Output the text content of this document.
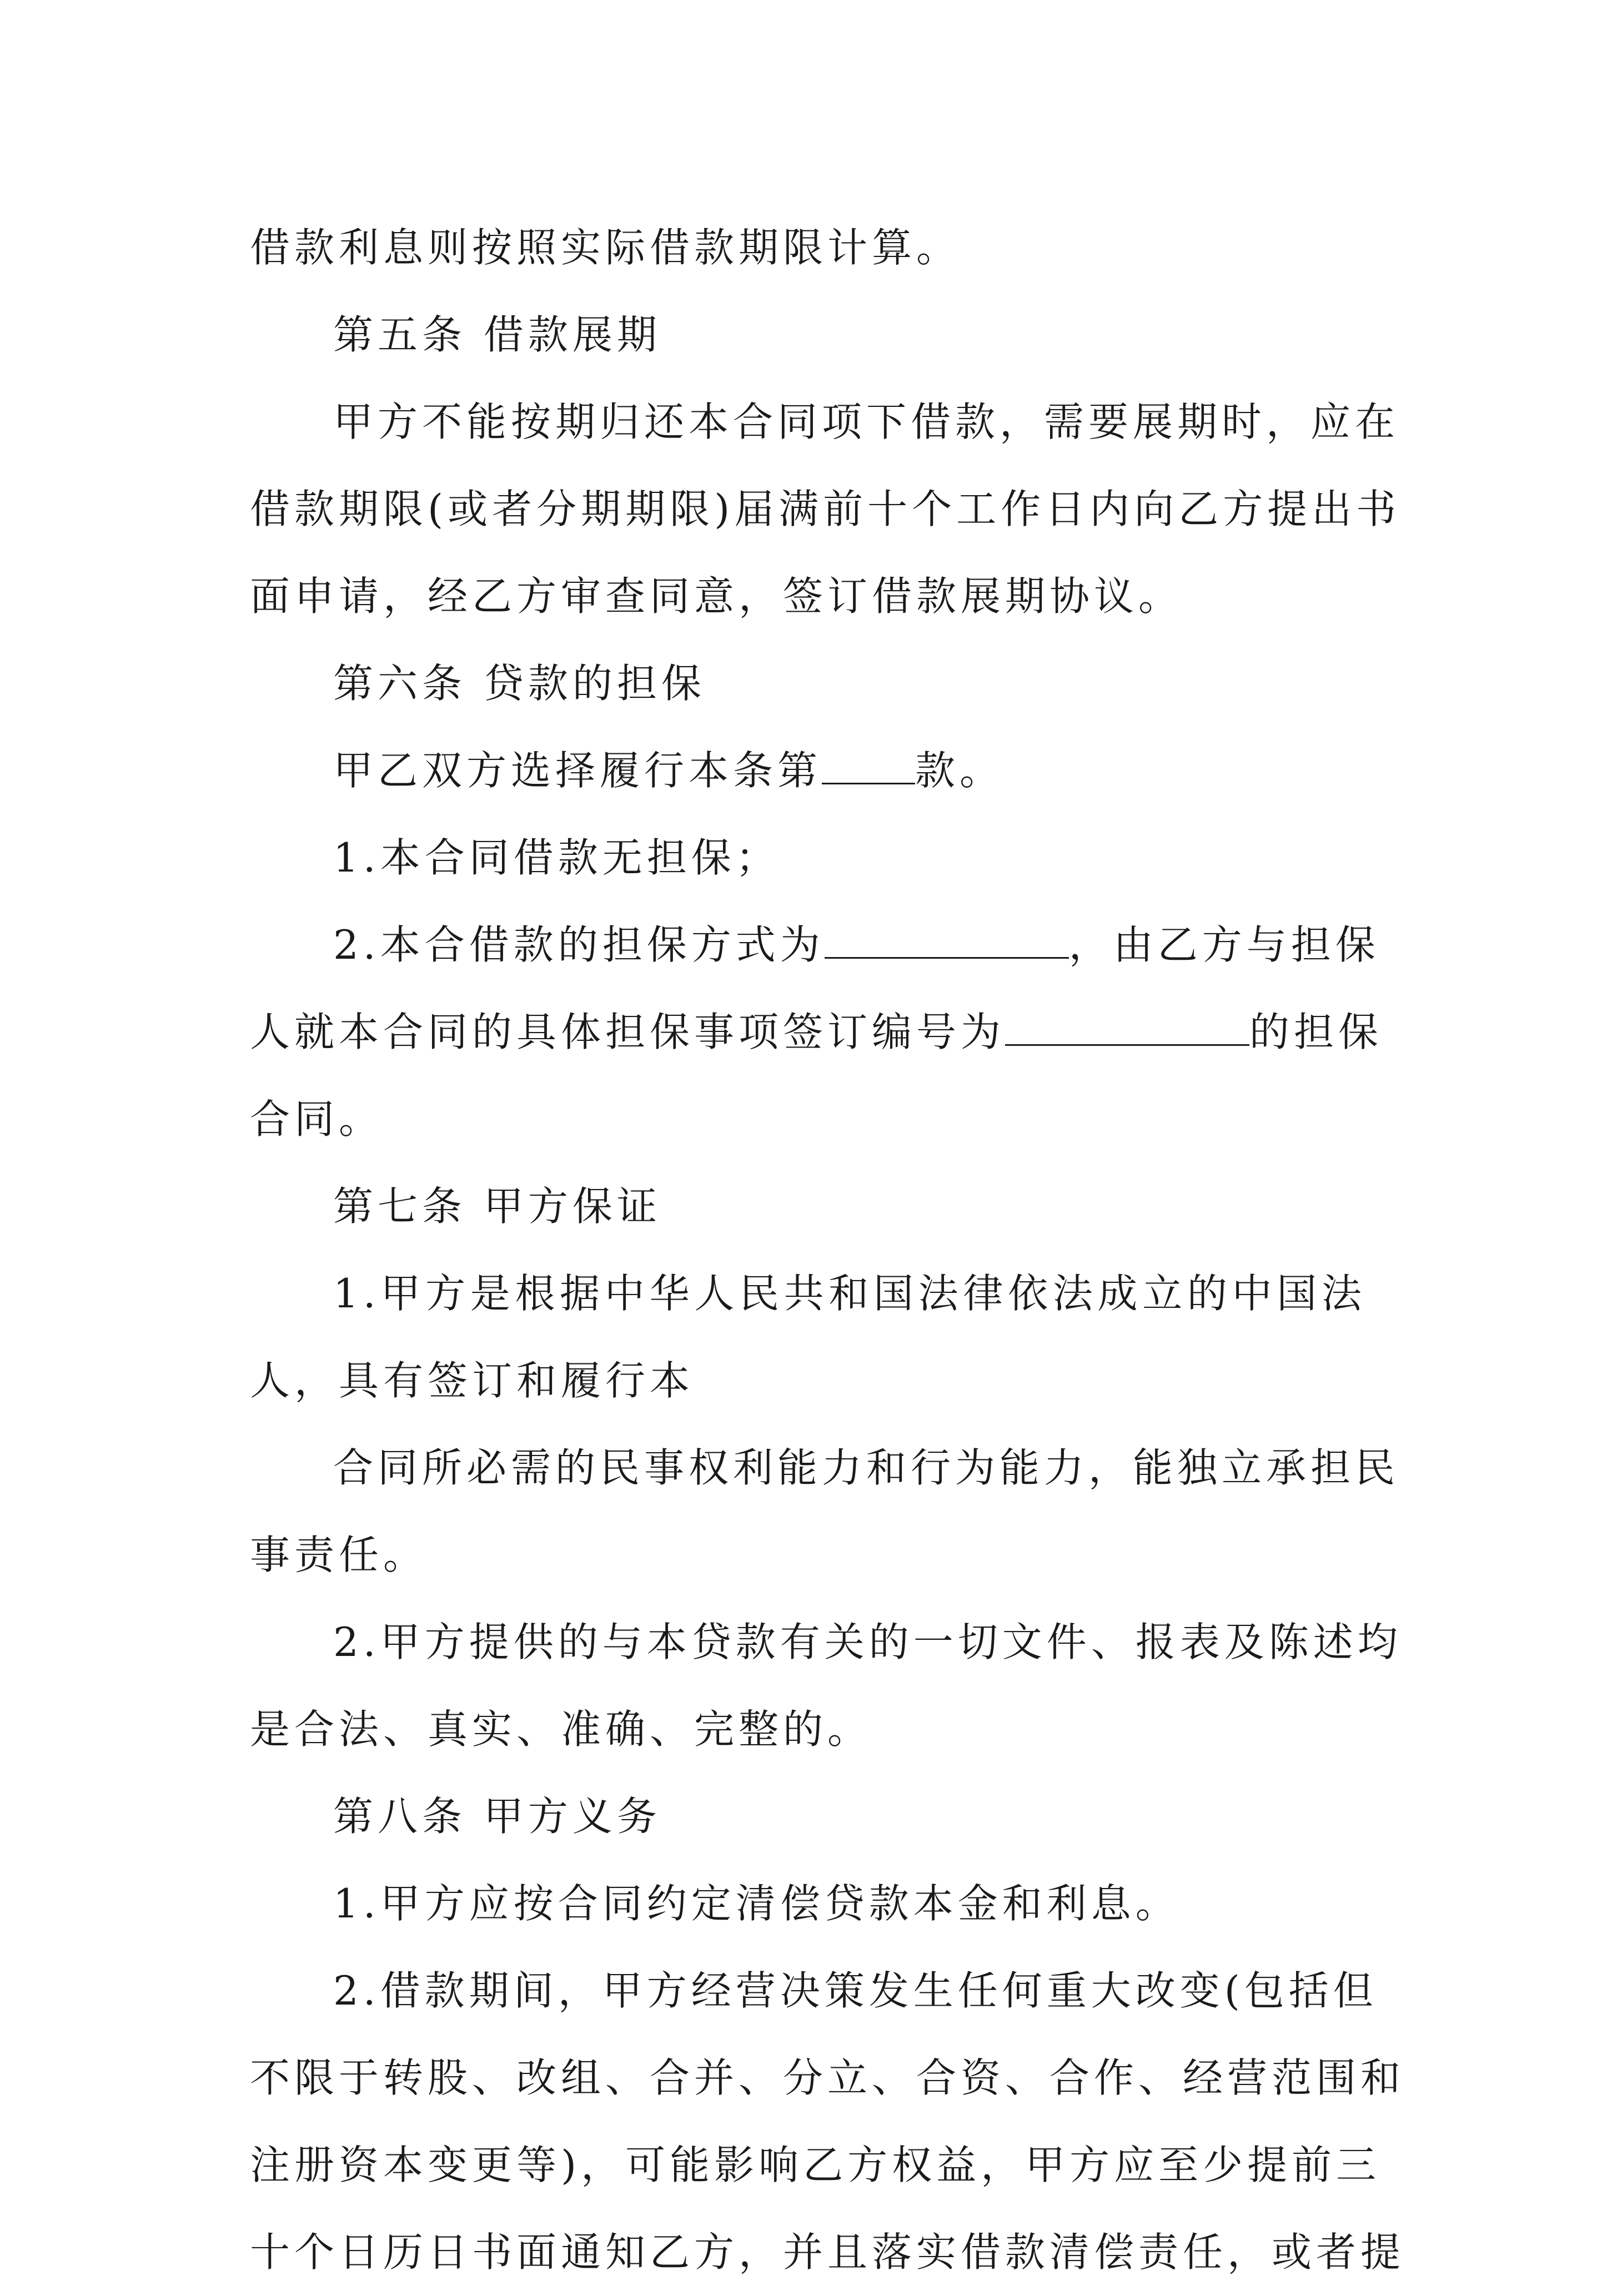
借款利息则按照实际借款期限计算。
第五条 借款展期
甲方不能按期归还本合同项下借款，需要展期时，应在
借款期限(或者分期期限)届满前十个工作日内向乙方提出书
面申请，经乙方审查同意，签订借款展期协议。
第六条 贷款的担保
甲乙双方选择履行本条第 款。
1.本合同借款无担保；
2.本合借款的担保方式为	，由乙方与担保
人就本合同的具体担保事项签订编号为	的担保
合同。
第七条 甲方保证
1.甲方是根据中华人民共和国法律依法成立的中国法
人，具有签订和履行本
合同所必需的民事权利能力和行为能力，能独立承担民
事责任。
2.甲方提供的与本贷款有关的一切文件、报表及陈述均
是合法、真实、准确、完整的。
第八条 甲方义务
1.甲方应按合同约定清偿贷款本金和利息。
2.借款期间，甲方经营决策发生任何重大改变(包括但
不限于转股、改组、合并、分立、合资、合作、经营范围和
注册资本变更等)，可能影响乙方权益，甲方应至少提前三
十个日历日书面通知乙方，并且落实借款清偿责任，或者提
